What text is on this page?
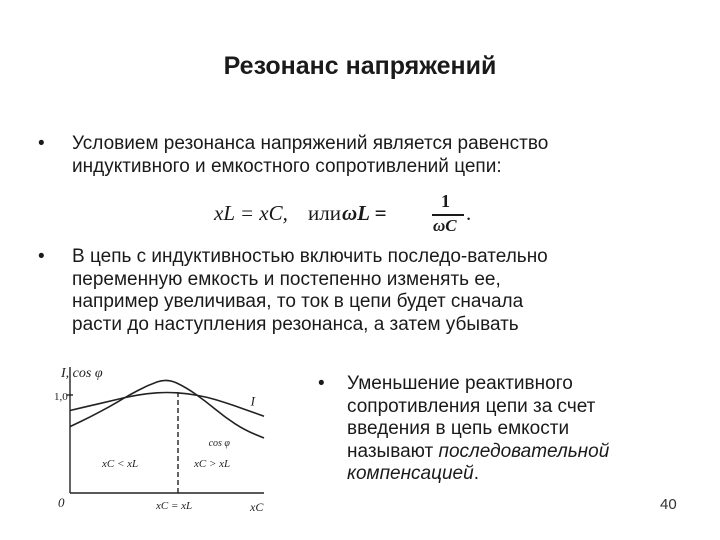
Резонанс напряжений
• Условием резонанса напряжений является равенство
индуктивного и емкостного сопротивлений цепи:
xL = xC, или ωL =	1
ωC
.
• В цепь с индуктивностью включить последо-вательно
переменную емкость и постепенно изменять ее,
например увеличивая, то ток в цепи будет сначала
расти до наступления резонанса, а затем убывать
• Уменьшение реактивного
сопротивления цепи за счет
введения в цепь емкости
называют последовательной
компенсацией.
I, cos φ
1,0
0	xC
xC = xL
xC < xL	xC > xL
I
cos φ
40
